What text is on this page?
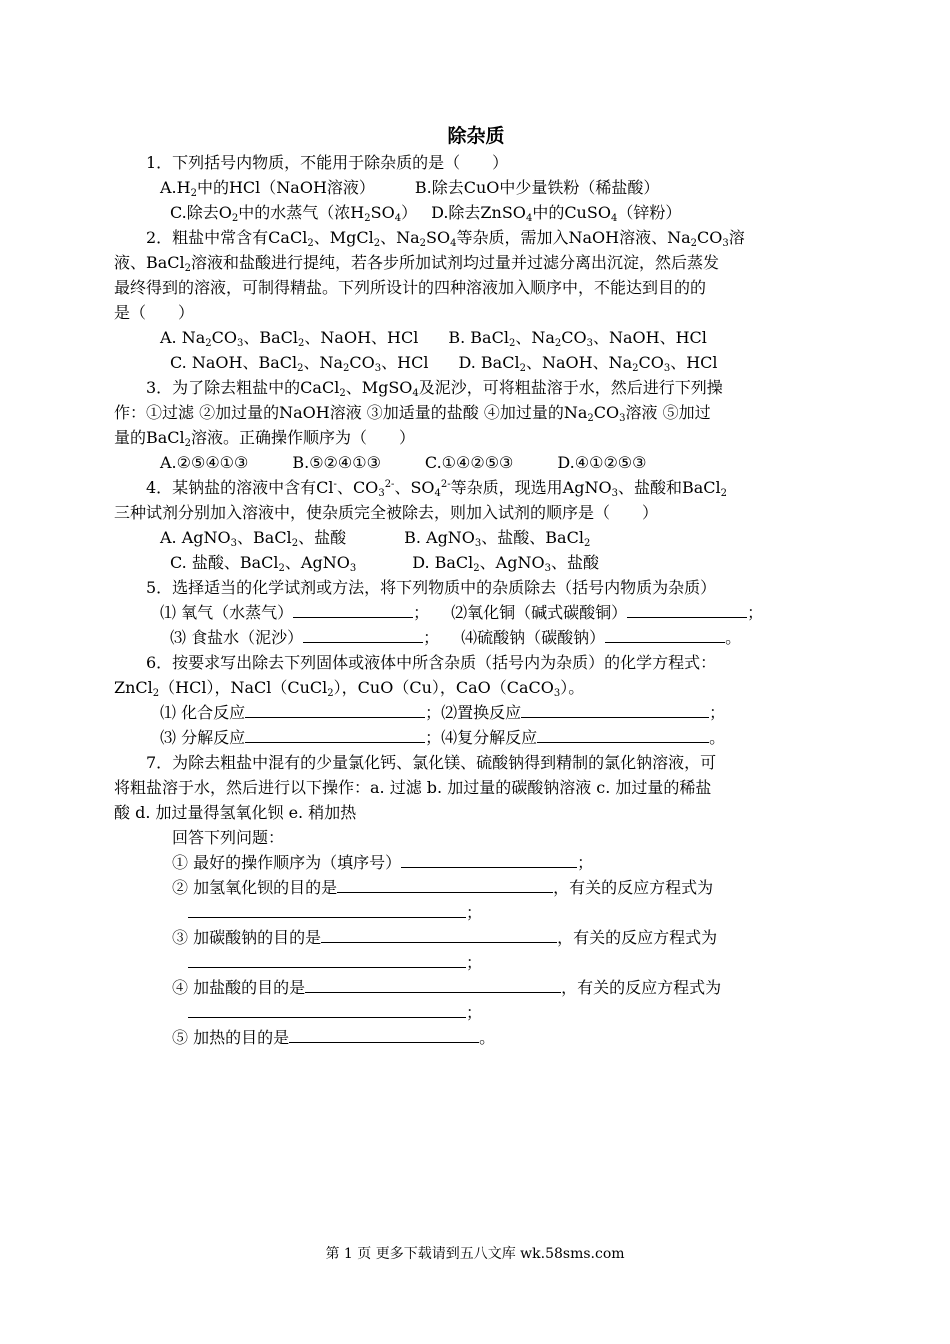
除杂质
1．下列括号内物质，不能用于除杂质的是（　　）
$A.H_2$中的HCl（NaOH溶液）	B.除去CuO中少量铁粉（稀盐酸）
C.除去$O_2$中的水蒸气（浓$H_2SO_4$） D.除去ZnSO$_4$中的CuSO$_4$（锌粉）
2．粗盐中常含有CaCl$_2$、MgCl$_2$、$Na_2SO_4$等杂质，需加入NaOH溶液、$Na_2CO_3$溶
液、BaCl$_2$溶液和盐酸进行提纯，若各步所加试剂均过量并过滤分离出沉淀，然后蒸发
最终得到的溶液，可制得精盐。下列所设计的四种溶液加入顺序中，不能达到目的的
是（　　）
A. $Na_2CO_3$、BaCl$_2$、NaOH、HCl B. BaCl$_2$、$Na_2CO_3$、NaOH、HCl
C. NaOH、BaCl$_2$、$Na_2CO_3$、HCl D. BaCl$_2$、NaOH、$Na_2CO_3$、HCl
3．为了除去粗盐中的CaCl$_2$、MgSO$_4$及泥沙，可将粗盐溶于水，然后进行下列操
作：①过滤 ②加过量的NaOH溶液 ③加适量的盐酸 ④加过量的$Na_2CO_3$溶液 ⑤加过
量的BaCl$_2$溶液。正确操作顺序为（　　）
A.②⑤④①③	B.⑤②④①③	C.①④②⑤③	D.④①②⑤③
4．某钠盐的溶液中含有Cl-、$CO_3^{2-}$、$SO_4^{2-}$等杂质，现选用AgNO$_3$、盐酸和BaCl$_2$
三种试剂分别加入溶液中，使杂质完全被除去，则加入试剂的顺序是（　　）
A. AgNO$_3$、BaCl$_2$、盐酸	B. AgNO$_3$、盐酸、BaCl$_2$
C. 盐酸、BaCl$_2$、AgNO$_3$	D. BaCl$_2$、AgNO$_3$、盐酸
5．选择适当的化学试剂或方法，将下列物质中的杂质除去（括号内物质为杂质）
⑴ 氧气（水蒸气）	； ⑵氧化铜（碱式碳酸铜）	；
⑶ 食盐水（泥沙）	； ⑷硫酸钠（碳酸钠）	。
6．按要求写出除去下列固体或液体中所含杂质（括号内为杂质）的化学方程式：
ZnCl$_2$（HCl），NaCl（CuCl$_2$），CuO（Cu），CaO（CaCO$_3$）。
⑴ 化合反应	；⑵置换反应	；
⑶ 分解反应	；⑷复分解反应	。
7．为除去粗盐中混有的少量氯化钙、氯化镁、硫酸钠得到精制的氯化钠溶液，可
将粗盐溶于水，然后进行以下操作：a. 过滤 b. 加过量的碳酸钠溶液 c. 加过量的稀盐
酸 d. 加过量得氢氧化钡 e. 稍加热
回答下列问题：
① 最好的操作顺序为（填序号）	；
② 加氢氧化钡的目的是	，有关的反应方程式为
；
③ 加碳酸钠的目的是	，有关的反应方程式为
；
④ 加盐酸的目的是	，有关的反应方程式为
；
⑤ 加热的目的是	。
第 1 页 更多下载请到五八文库 wk.58sms.com
